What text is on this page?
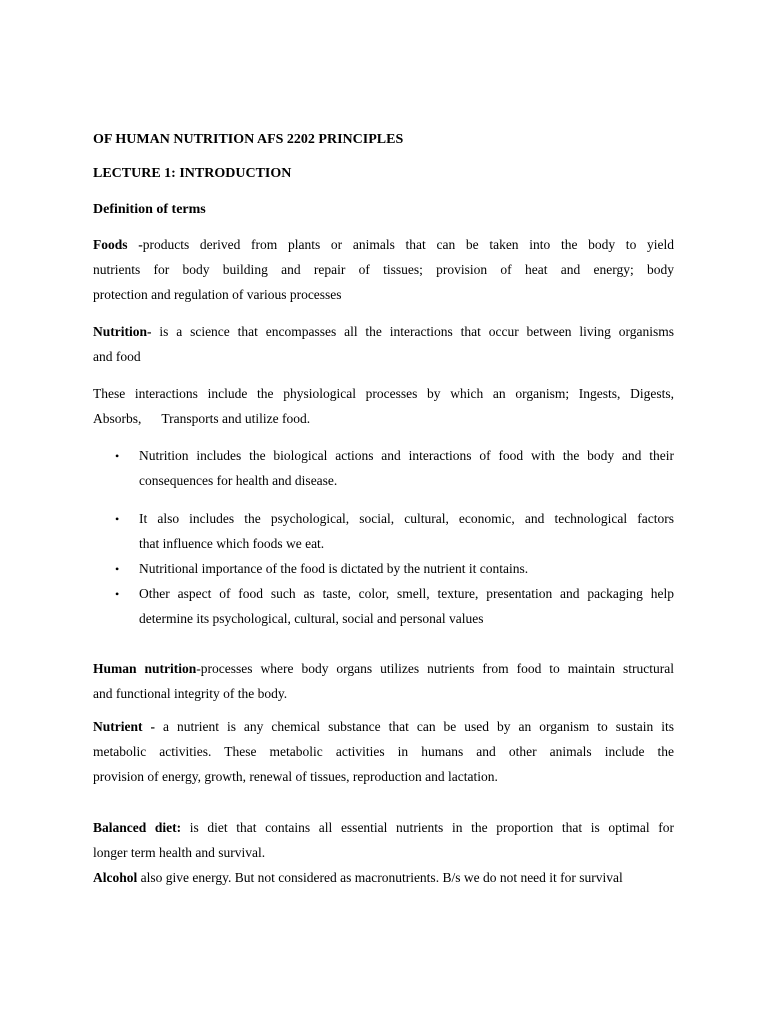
OF HUMAN NUTRITION AFS 2202 PRINCIPLES
LECTURE 1: INTRODUCTION
Definition of terms
Foods -products derived from plants or animals that can be taken into the body to yield
nutrients for body building and repair of tissues; provision of heat and energy; body
protection and regulation of various processes
Nutrition- is a science that encompasses all the interactions that occur between living organisms
and food
These interactions include the physiological processes by which an organism; Ingests, Digests,
Absorbs, Transports and utilize food.
• Nutrition includes the biological actions and interactions of food with the body and their
consequences for health and disease.
• It also includes the psychological, social, cultural, economic, and technological factors
that influence which foods we eat.
• Nutritional importance of the food is dictated by the nutrient it contains.
• Other aspect of food such as taste, color, smell, texture, presentation and packaging help
determine its psychological, cultural, social and personal values
Human nutrition-processes where body organs utilizes nutrients from food to maintain structural
and functional integrity of the body.
Nutrient - a nutrient is any chemical substance that can be used by an organism to sustain its
metabolic activities. These metabolic activities in humans and other animals include the
provision of energy, growth, renewal of tissues, reproduction and lactation.
Balanced diet: is diet that contains all essential nutrients in the proportion that is optimal for
longer term health and survival.
Alcohol also give energy. But not considered as macronutrients. B/s we do not need it for survival
